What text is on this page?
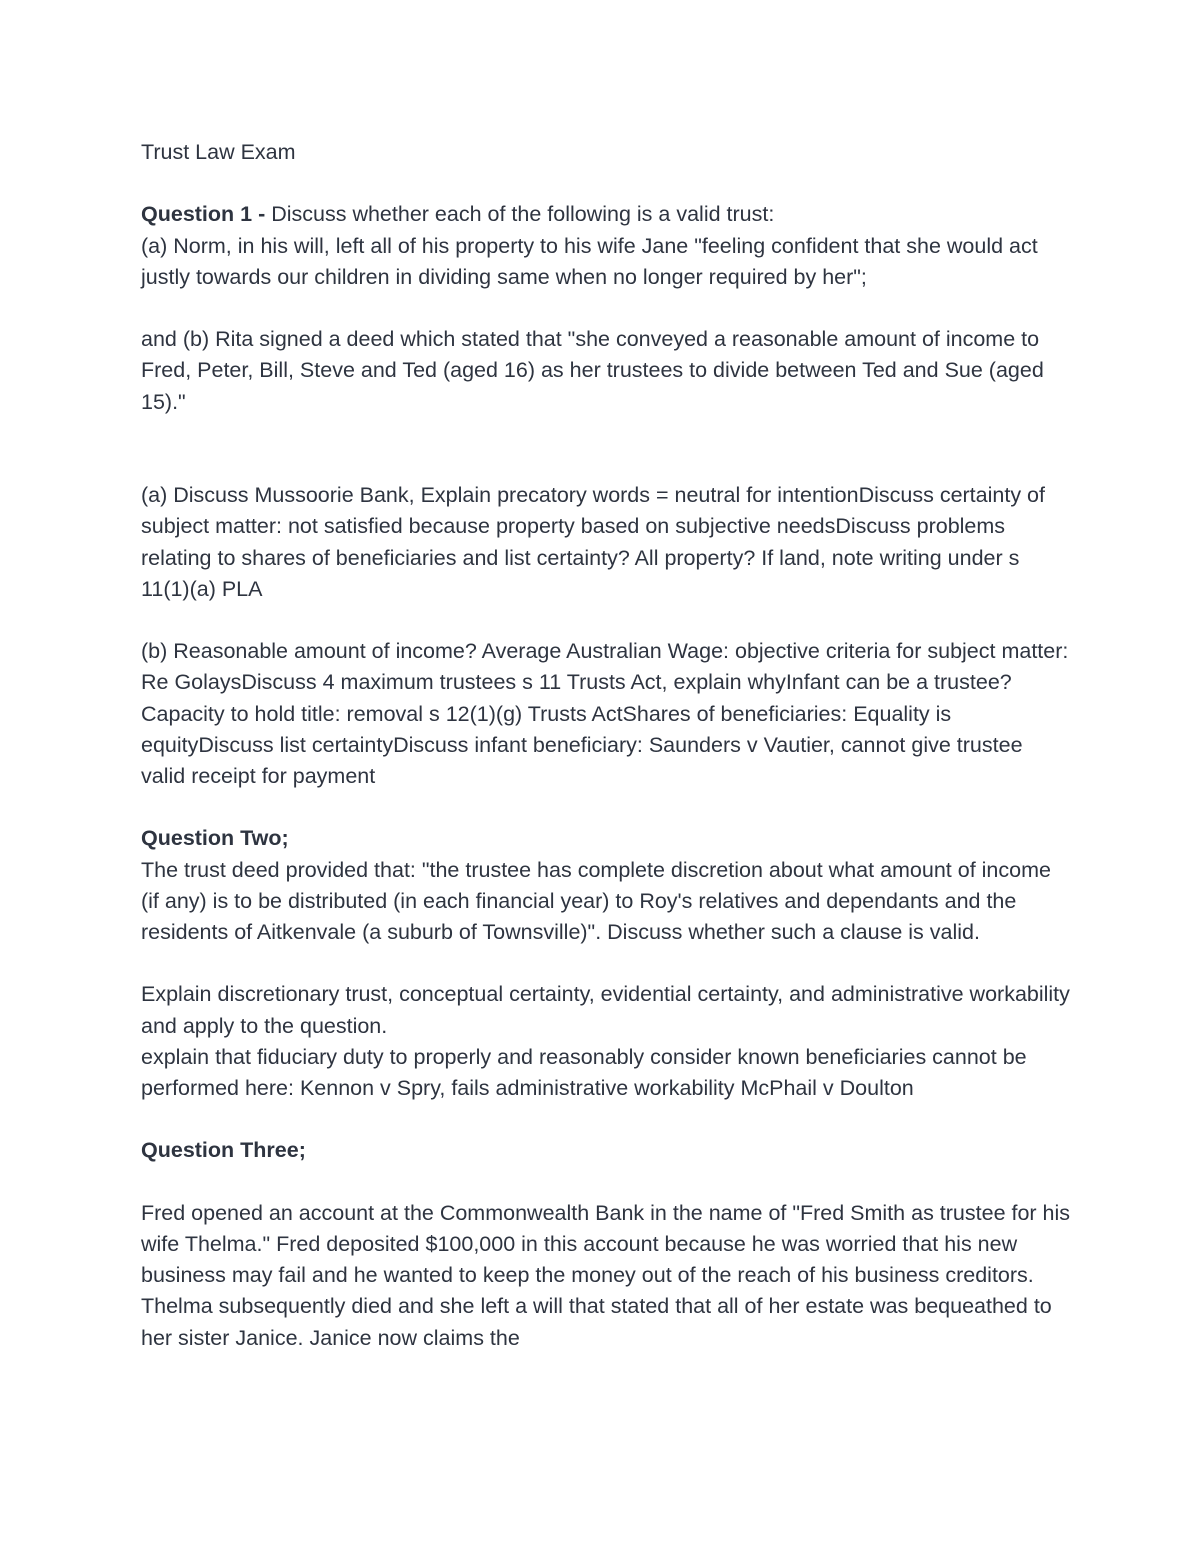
Trust Law Exam

Question 1 - Discuss whether each of the following is a valid trust:

(a) Norm, in his will, left all of his property to his wife Jane "feeling confident that she would act justly towards our children in dividing same when no longer required by her";

and (b) Rita signed a deed which stated that "she conveyed a reasonable amount of income to Fred, Peter, Bill, Steve and Ted (aged 16) as her trustees to divide between Ted and Sue (aged 15)."

(a) Discuss Mussoorie Bank, Explain precatory words = neutral for intentionDiscuss certainty of subject matter: not satisfied because property based on subjective needsDiscuss problems relating to shares of beneficiaries and list certainty? All property? If land, note writing under s 11(1)(a) PLA

(b) Reasonable amount of income? Average Australian Wage: objective criteria for subject matter: Re GolaysDiscuss 4 maximum trustees s 11 Trusts Act, explain whyInfant can be a trustee? Capacity to hold title: removal s 12(1)(g) Trusts ActShares of beneficiaries: Equality is equityDiscuss list certaintyDiscuss infant beneficiary: Saunders v Vautier, cannot give trustee valid receipt for payment

Question Two;

The trust deed provided that: "the trustee has complete discretion about what amount of income (if any) is to be distributed (in each financial year) to Roy's relatives and dependants and the residents of Aitkenvale (a suburb of Townsville)". Discuss whether such a clause is valid.

Explain discretionary trust, conceptual certainty, evidential certainty, and administrative workability and apply to the question.

explain that fiduciary duty to properly and reasonably consider known beneficiaries cannot be performed here: Kennon v Spry, fails administrative workability McPhail v Doulton

Question Three;

Fred opened an account at the Commonwealth Bank in the name of "Fred Smith as trustee for his wife Thelma." Fred deposited $100,000 in this account because he was worried that his new business may fail and he wanted to keep the money out of the reach of his business creditors. Thelma subsequently died and she left a will that stated that all of her estate was bequeathed to her sister Janice. Janice now claims the
